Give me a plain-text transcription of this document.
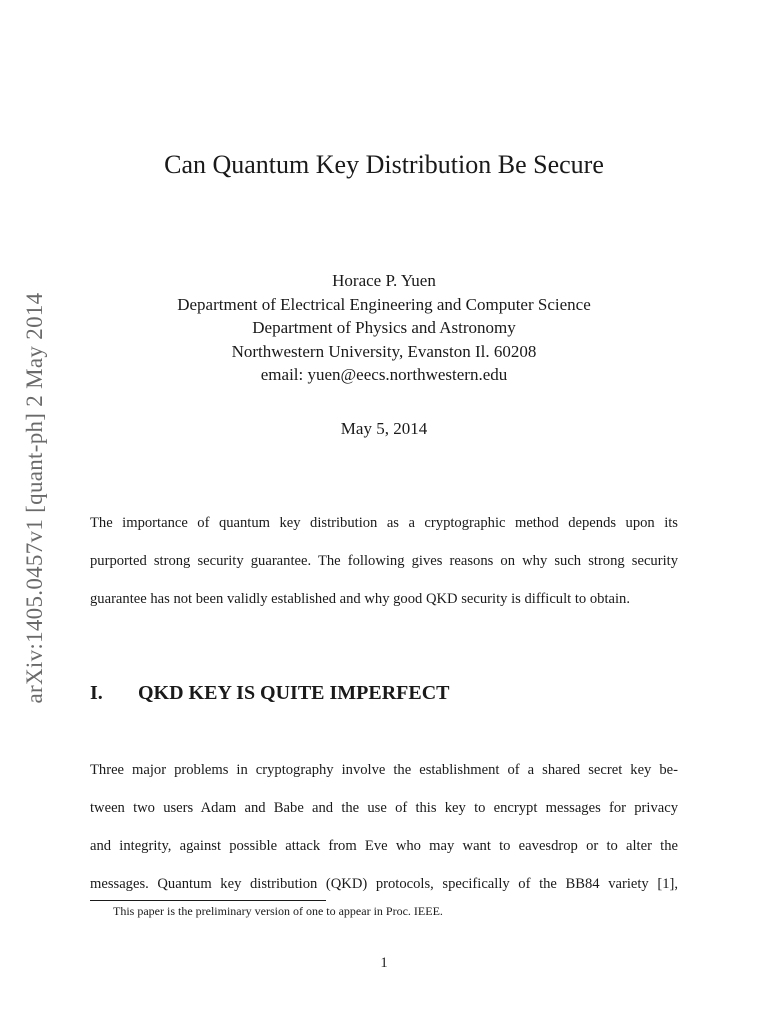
arXiv:1405.0457v1 [quant-ph] 2 May 2014
Can Quantum Key Distribution Be Secure
Horace P. Yuen
Department of Electrical Engineering and Computer Science
Department of Physics and Astronomy
Northwestern University, Evanston Il. 60208
email: yuen@eecs.northwestern.edu
May 5, 2014
The importance of quantum key distribution as a cryptographic method depends upon its
purported strong security guarantee. The following gives reasons on why such strong security
guarantee has not been validly established and why good QKD security is difficult to obtain.
I. QKD KEY IS QUITE IMPERFECT
Three major problems in cryptography involve the establishment of a shared secret key be-
tween two users Adam and Babe and the use of this key to encrypt messages for privacy
and integrity, against possible attack from Eve who may want to eavesdrop or to alter the
messages. Quantum key distribution (QKD) protocols, specifically of the BB84 variety [1],
This paper is the preliminary version of one to appear in Proc. IEEE.
1
